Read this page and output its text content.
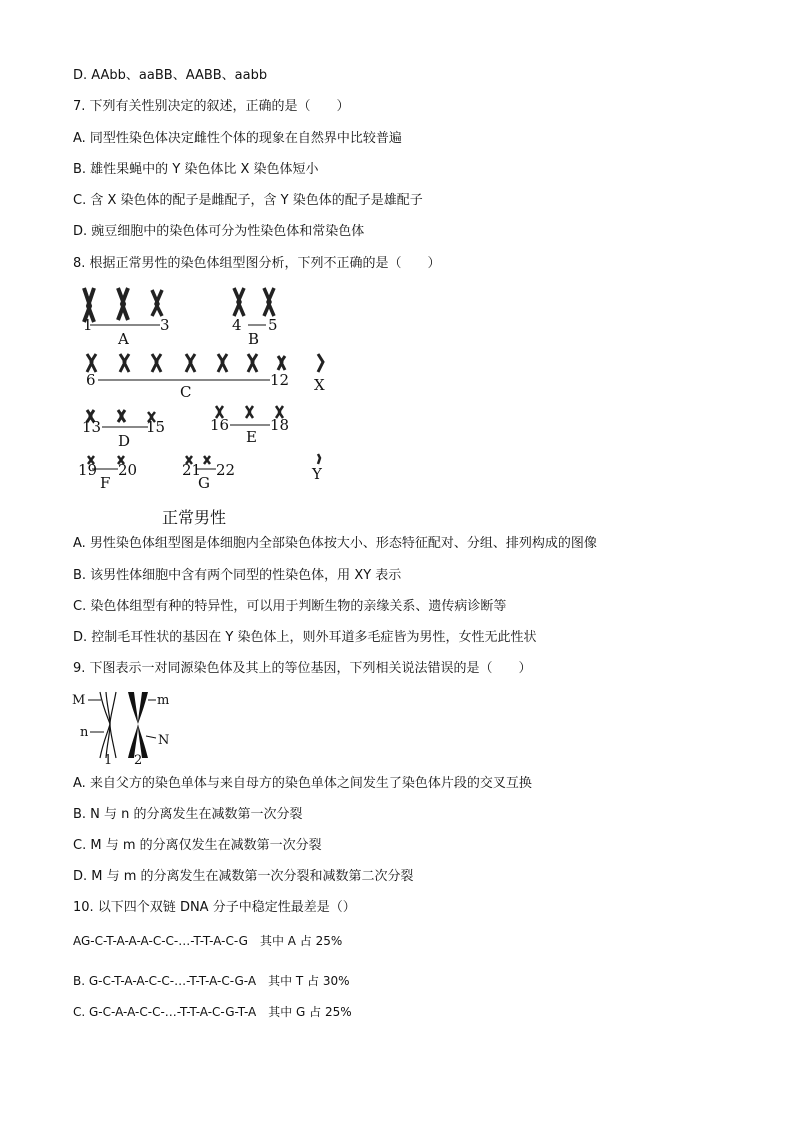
D. AAbb、aaBB、AABB、aabb
7. 下列有关性别决定的叙述，正确的是（　　）
A. 同型性染色体决定雌性个体的现象在自然界中比较普遍
B. 雄性果蝇中的 Y 染色体比 X 染色体短小
C. 含 X 染色体的配子是雌配子，含 Y 染色体的配子是雄配子
D. 豌豆细胞中的染色体可分为性染色体和常染色体
8. 根据正常男性的染色体组型图分析，下列不正确的是（　　）
1	3
A
4 5
B
6	12
C	X
13	15
D
16	18
E
19 20
F
21 22
G	Y
正常男性
A. 男性染色体组型图是体细胞内全部染色体按大小、形态特征配对、分组、排列构成的图像
B. 该男性体细胞中含有两个同型的性染色体，用 XY 表示
C. 染色体组型有种的特异性，可以用于判断生物的亲缘关系、遗传病诊断等
D. 控制毛耳性状的基因在 Y 染色体上，则外耳道多毛症皆为男性，女性无此性状
9. 下图表示一对同源染色体及其上的等位基因，下列相关说法错误的是（　　）
M	m
n
N
1 2
A. 来自父方的染色单体与来自母方的染色单体之间发生了染色体片段的交叉互换
B. N 与 n 的分离发生在减数第一次分裂
C. M 与 m 的分离仅发生在减数第一次分裂
D. M 与 m 的分离发生在减数第一次分裂和减数第二次分裂
10. 以下四个双链 DNA 分子中稳定性最差是（）
AG-C-T-A-A-A-C-C-…-T-T-A-C-G　其中 A 占 25%
B. G-C-T-A-A-C-C-…-T-T-A-C-G-A　其中 T 占 30%
C. G-C-A-A-C-C-…-T-T-A-C-G-T-A　其中 G 占 25%
